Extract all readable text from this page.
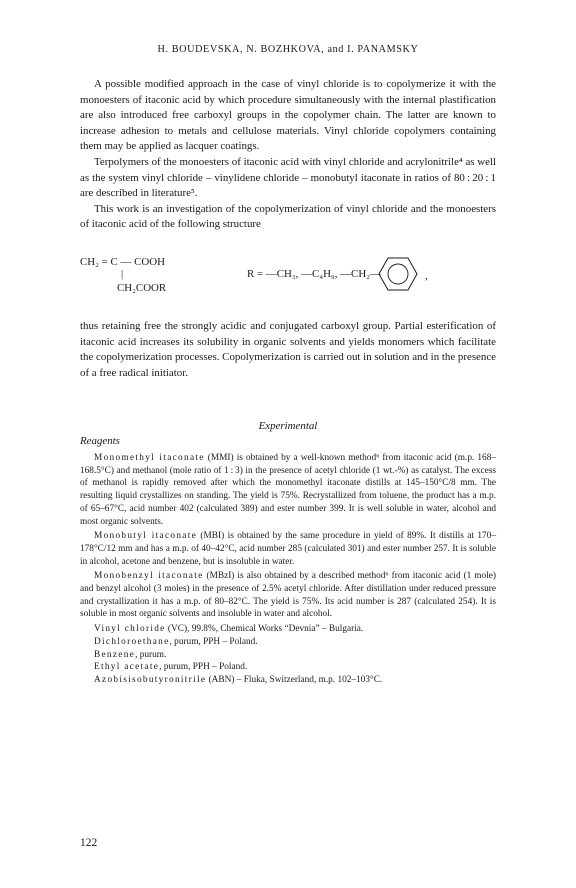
H. BOUDEVSKA, N. BOZHKOVA, and I. PANAMSKY

A possible modified approach in the case of vinyl chloride is to copolymerize it with the monoesters of itaconic acid by which procedure simultaneously with the internal plastification are also introduced free carboxyl groups in the copolymer chain. The latter are known to increase adhesion to metals and cellulose materials. Vinyl chloride copolymers containing them may be applied as lacquer coatings.

Terpolymers of the monoesters of itaconic acid with vinyl chloride and acrylonitrile⁴ as well as the system vinyl chloride – vinylidene chloride – monobutyl itaconate in ratios of 80 : 20 : 1 are described in literature⁵.

This work is an investigation of the copolymerization of vinyl chloride and the monoesters of itaconic acid of the following structure

CH₂ = C — COOH
|
CH₂COOR
R = —CH₃, —C₄H₉, —CH₂—	,

thus retaining free the strongly acidic and conjugated carboxyl group. Partial esterification of itaconic acid increases its solubility in organic solvents and yields monomers which facilitate the copolymerization processes. Copolymerization is carried out in solution and in the presence of a free radical initiator.

Experimental
Reagents

Monomethyl itaconate (MMI) is obtained by a well-known method⁶ from itaconic acid (m.p. 168–168.5°C) and methanol (mole ratio of 1 : 3) in the presence of acetyl chloride (1 wt.-%) as catalyst. The excess of methanol is rapidly removed after which the monomethyl itaconate distills at 145–150°C/8 mm. The resulting liquid crystallizes on standing. The yield is 75%. Recrystallized from toluene, the product has a m.p. of 65–67°C, acid number 402 (calculated 389) and ester number 399. It is well soluble in water, alcohol and most organic solvents.

Monobutyl itaconate (MBI) is obtained by the same procedure in yield of 89%. It distills at 170–178°C/12 mm and has a m.p. of 40–42°C, acid number 285 (calculated 301) and ester number 257. It is soluble in alcohol, acetone and benzene, but is insoluble in water.

Monobenzyl itaconate (MBzI) is also obtained by a described method⁶ from itaconic acid (1 mole) and benzyl alcohol (3 moles) in the presence of 2.5% acetyl chloride. After distillation under reduced pressure and crystallization it has a m.p. of 80–82°C. The yield is 75%. Its acid number is 287 (calculated 254). It is soluble in most organic solvents and insoluble in water and alcohol.

Vinyl chloride (VC), 99.8%, Chemical Works “Devnia” – Bulgaria.

Dichloroethane, purum, PPH – Poland.

Benzene, purum.

Ethyl acetate, purum, PPH – Poland.

Azobisisobutyronitrile (ABN) – Fluka, Switzerland, m.p. 102–103°C.

122
